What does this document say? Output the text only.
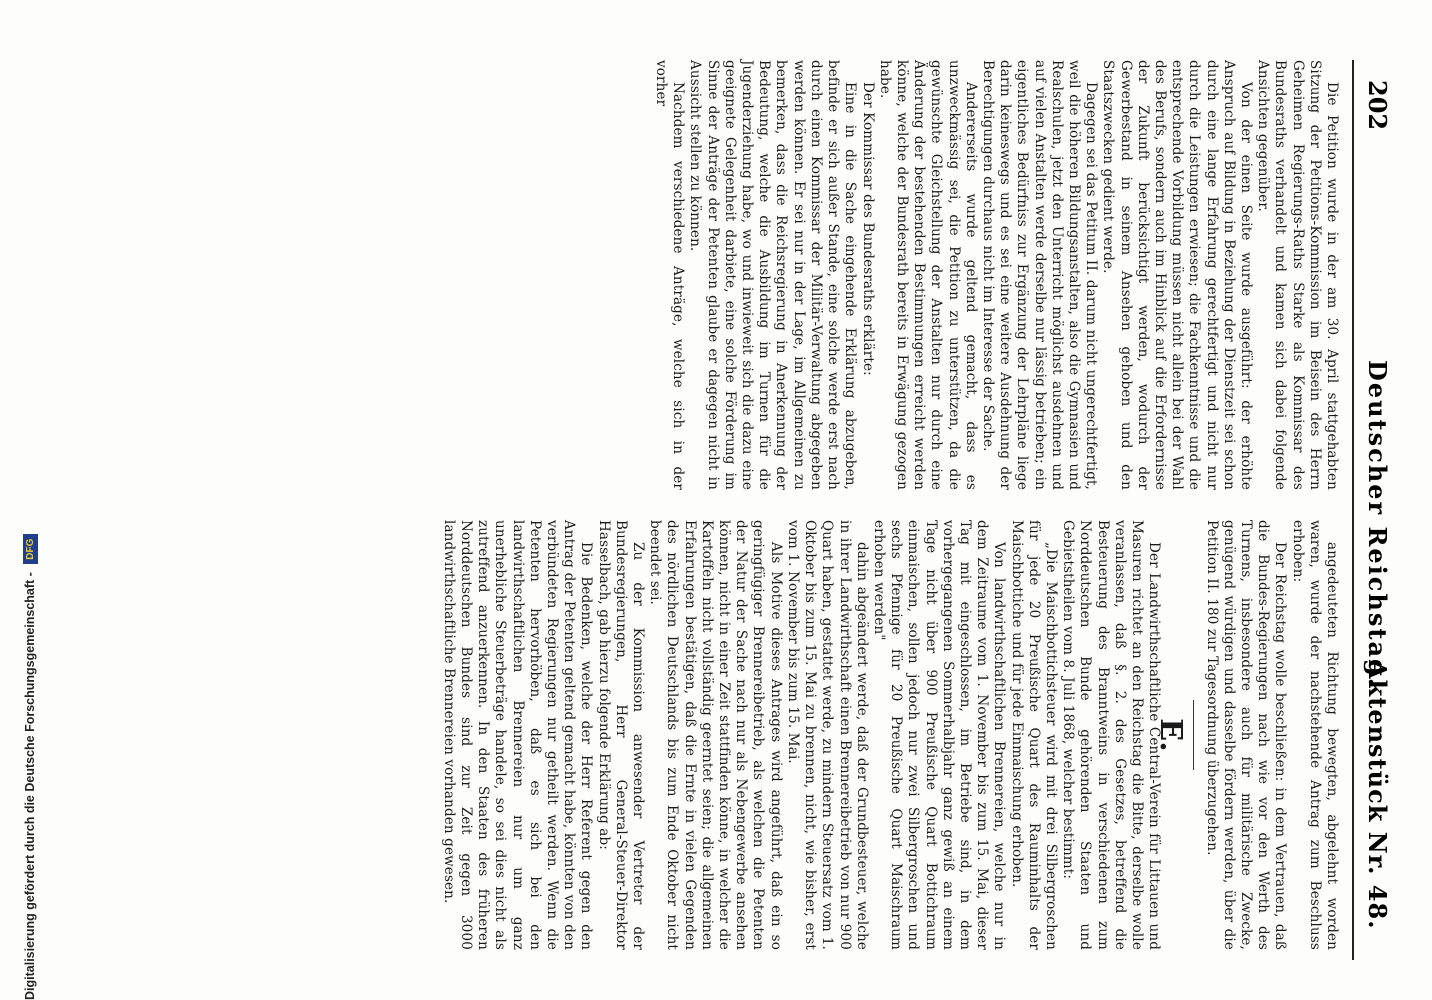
202
Deutscher Reichstag.
Aktenstück Nr. 48.

Die Petition wurde in der am 30. April stattgehabten Sitzung der Petitions-Kommission im Beisein des Herrn Geheimen Regierungs-Raths Starke als Kommissar des Bundesraths verhandelt und kamen sich dabei folgende Ansichten gegenüber.

Von der einen Seite wurde ausgeführt: der erhöhte Anspruch auf Bildung in Beziehung der Dienstzeit sei schon durch eine lange Erfahrung gerechtfertigt und nicht nur durch die Leistungen erwiesen; die Fachkenntnisse und die entsprechende Vorbildung müssen nicht allein bei der Wahl des Berufs, sondern auch im Hinblick auf die Erfordernisse der Zukunft berücksichtigt werden, wodurch der Gewerbestand in seinem Ansehen gehoben und den Staatszwecken gedient werde.

Dagegen sei das Petitum II. darum nicht ungerechtfertigt, weil die höheren Bildungsanstalten, also die Gymnasien und Realschulen, jetzt den Unterricht möglichst ausdehnen und auf vielen Anstalten werde derselbe nur lässig betrieben; ein eigentliches Bedürfniss zur Ergänzung der Lehrpläne liege darin keineswegs und es sei eine weitere Ausdehnung der Berechtigungen durchaus nicht im Interesse der Sache.

Andererseits wurde geltend gemacht, dass es unzweckmässig sei, die Petition zu unterstützen, da die gewünschte Gleichstellung der Anstalten nur durch eine Änderung der bestehenden Bestimmungen erreicht werden könne, welche der Bundesrath bereits in Erwägung gezogen habe.

Der Kommissar des Bundesraths erklärte:

Eine in die Sache eingehende Erklärung abzugeben, befinde er sich außer Stande, eine solche werde erst nach durch einen Kommissar der Militär-Verwaltung abgegeben werden können. Er sei nur in der Lage, im Allgemeinen zu bemerken, dass die Reichsregierung in Anerkennung der Bedeutung, welche die Ausbildung im Turnen für die Jugenderziehung habe, wo und inwieweit sich die dazu eine geeignete Gelegenheit darbiete, eine solche Förderung im Sinne der Anträge der Petenten glaube er dagegen nicht in Aussicht stellen zu können.

Nachdem verschiedene Anträge, welche sich in der vorher

angedeuteten Richtung bewegten, abgelehnt worden waren, wurde der nachstehende Antrag zum Beschluss erhoben:

Der Reichstag wolle beschließen: in dem Vertrauen, daß die Bundes-Regierungen nach wie vor den Werth des Turnens, insbesondere auch für militärische Zwecke, genügend würdigen und dasselbe fördern werden, über die Petition II. 180 zur Tagesordnung überzugehen.

E.

Der Landwirthschaftliche Central-Verein für Littauen und Masuren richtet an den Reichstag die Bitte, derselbe wolle veranlassen, daß §. 2. des Gesetzes, betreffend die Besteuerung des Branntweins in verschiedenen zum Norddeutschen Bunde gehörenden Staaten und Gebietstheilen vom 8. Juli 1868, welcher bestimmt:

„Die Maischbottichsteuer wird mit drei Silbergroschen für jede 20 Preußische Quart des Rauminhalts der Maischbottiche und für jede Einmaischung erhoben.

Von landwirthschaftlichen Brennereien, welche nur in dem Zeitraume vom 1. November bis zum 15. Mai, dieser Tag mit eingeschlossen, im Betriebe sind, in dem vorhergegangenen Sommerhalbjahr ganz gewiß an einem Tage nicht über 900 Preußische Quart Bottichraum einmaischen, sollen jedoch nur zwei Silbergroschen und sechs Pfennige für 20 Preußische Quart Maischraum erhoben werden"

dahin abgeändert werde, daß der Grundbesteuer, welche in ihrer Landwirthschaft einen Brennereibetrieb von nur 900 Quart haben, gestattet werde, zu mindern Steuersatz vom 1. Oktober bis zum 15. Mai zu brennen, nicht, wie bisher, erst vom 1. November bis zum 15. Mai.

Als Motive dieses Antrages wird angeführt, daß ein so geringfügiger Brennereibetrieb, als welchen die Petenten der Natur der Sache nach nur als Nebengewerbe ansehen können, nicht in einer Zeit stattfinden könne, in welcher die Kartoffeln nicht vollständig geerntet seien; die allgemeinen Erfahrungen bestätigen, daß die Ernte in vielen Gegenden des nördlichen Deutschlands bis zum Ende Oktober nicht beendet sei.

Zu der Kommission anwesender Vertreter der Bundesregierungen, Herr General-Steuer-Direktor Hasselbach, gab hierzu folgende Erklärung ab:

Die Bedenken, welche der Herr Referent gegen den Antrag der Petenten geltend gemacht habe, könnten von den verbündeten Regierungen nur getheilt werden. Wenn die Petenten hervorhöben, daß es sich bei den landwirthschaftlichen Brennereien nur um ganz unerhebliche Steuerbeträge handele, so sei dies nicht als zutreffend anzuerkennen. In den Staaten des früheren Norddeutschen Bundes sind zur Zeit gegen 3000 landwirthschaftliche Brennereien vorhanden gewesen.

Digitalisierung gefördert durch die Deutsche Forschungsgemeinschaft -
DFG
